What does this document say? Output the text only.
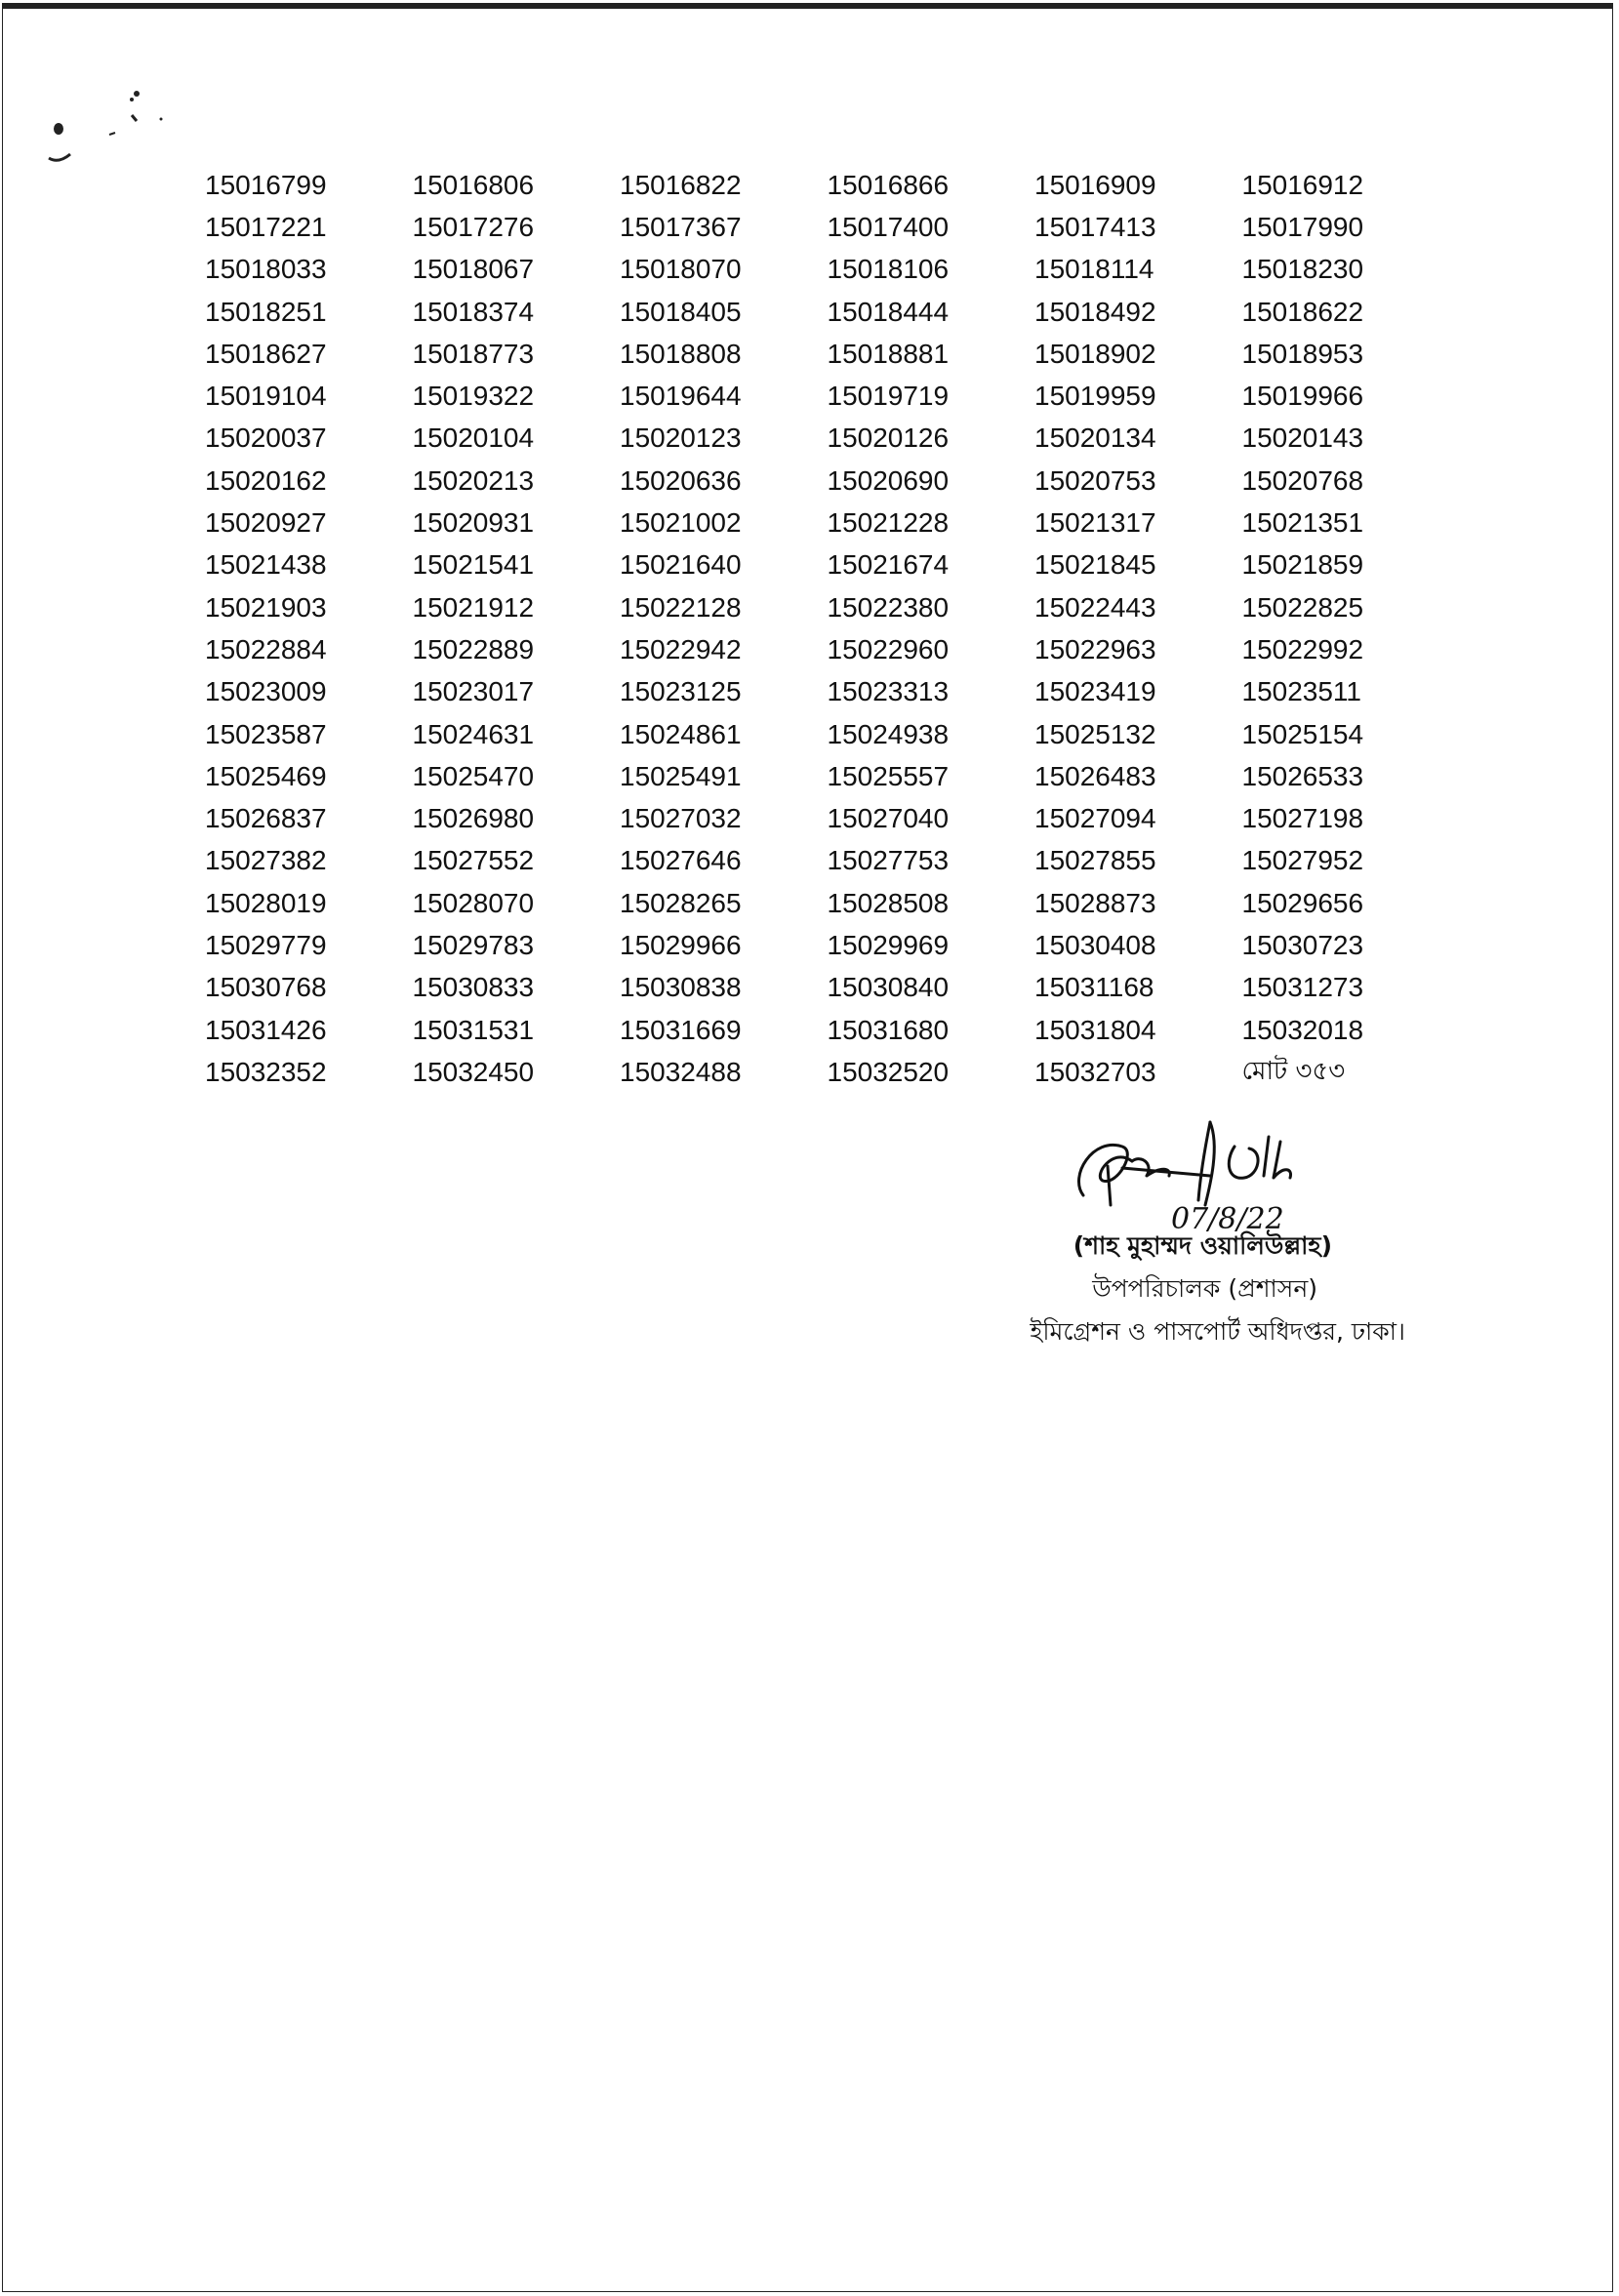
15016799	15016806	15016822	15016866	15016909	15016912
15017221	15017276	15017367	15017400	15017413	15017990
15018033	15018067	15018070	15018106	15018114	15018230
15018251	15018374	15018405	15018444	15018492	15018622
15018627	15018773	15018808	15018881	15018902	15018953
15019104	15019322	15019644	15019719	15019959	15019966
15020037	15020104	15020123	15020126	15020134	15020143
15020162	15020213	15020636	15020690	15020753	15020768
15020927	15020931	15021002	15021228	15021317	15021351
15021438	15021541	15021640	15021674	15021845	15021859
15021903	15021912	15022128	15022380	15022443	15022825
15022884	15022889	15022942	15022960	15022963	15022992
15023009	15023017	15023125	15023313	15023419	15023511
15023587	15024631	15024861	15024938	15025132	15025154
15025469	15025470	15025491	15025557	15026483	15026533
15026837	15026980	15027032	15027040	15027094	15027198
15027382	15027552	15027646	15027753	15027855	15027952
15028019	15028070	15028265	15028508	15028873	15029656
15029779	15029783	15029966	15029969	15030408	15030723
15030768	15030833	15030838	15030840	15031168	15031273
15031426	15031531	15031669	15031680	15031804	15032018
15032352	15032450	15032488	15032520	15032703	মোট ৩৫৩
07/8/22
(শাহ মুহাম্মদ ওয়ালিউল্লাহ)
উপপরিচালক (প্রশাসন)
ইমিগ্রেশন ও পাসপোর্ট অধিদপ্তর, ঢাকা।
